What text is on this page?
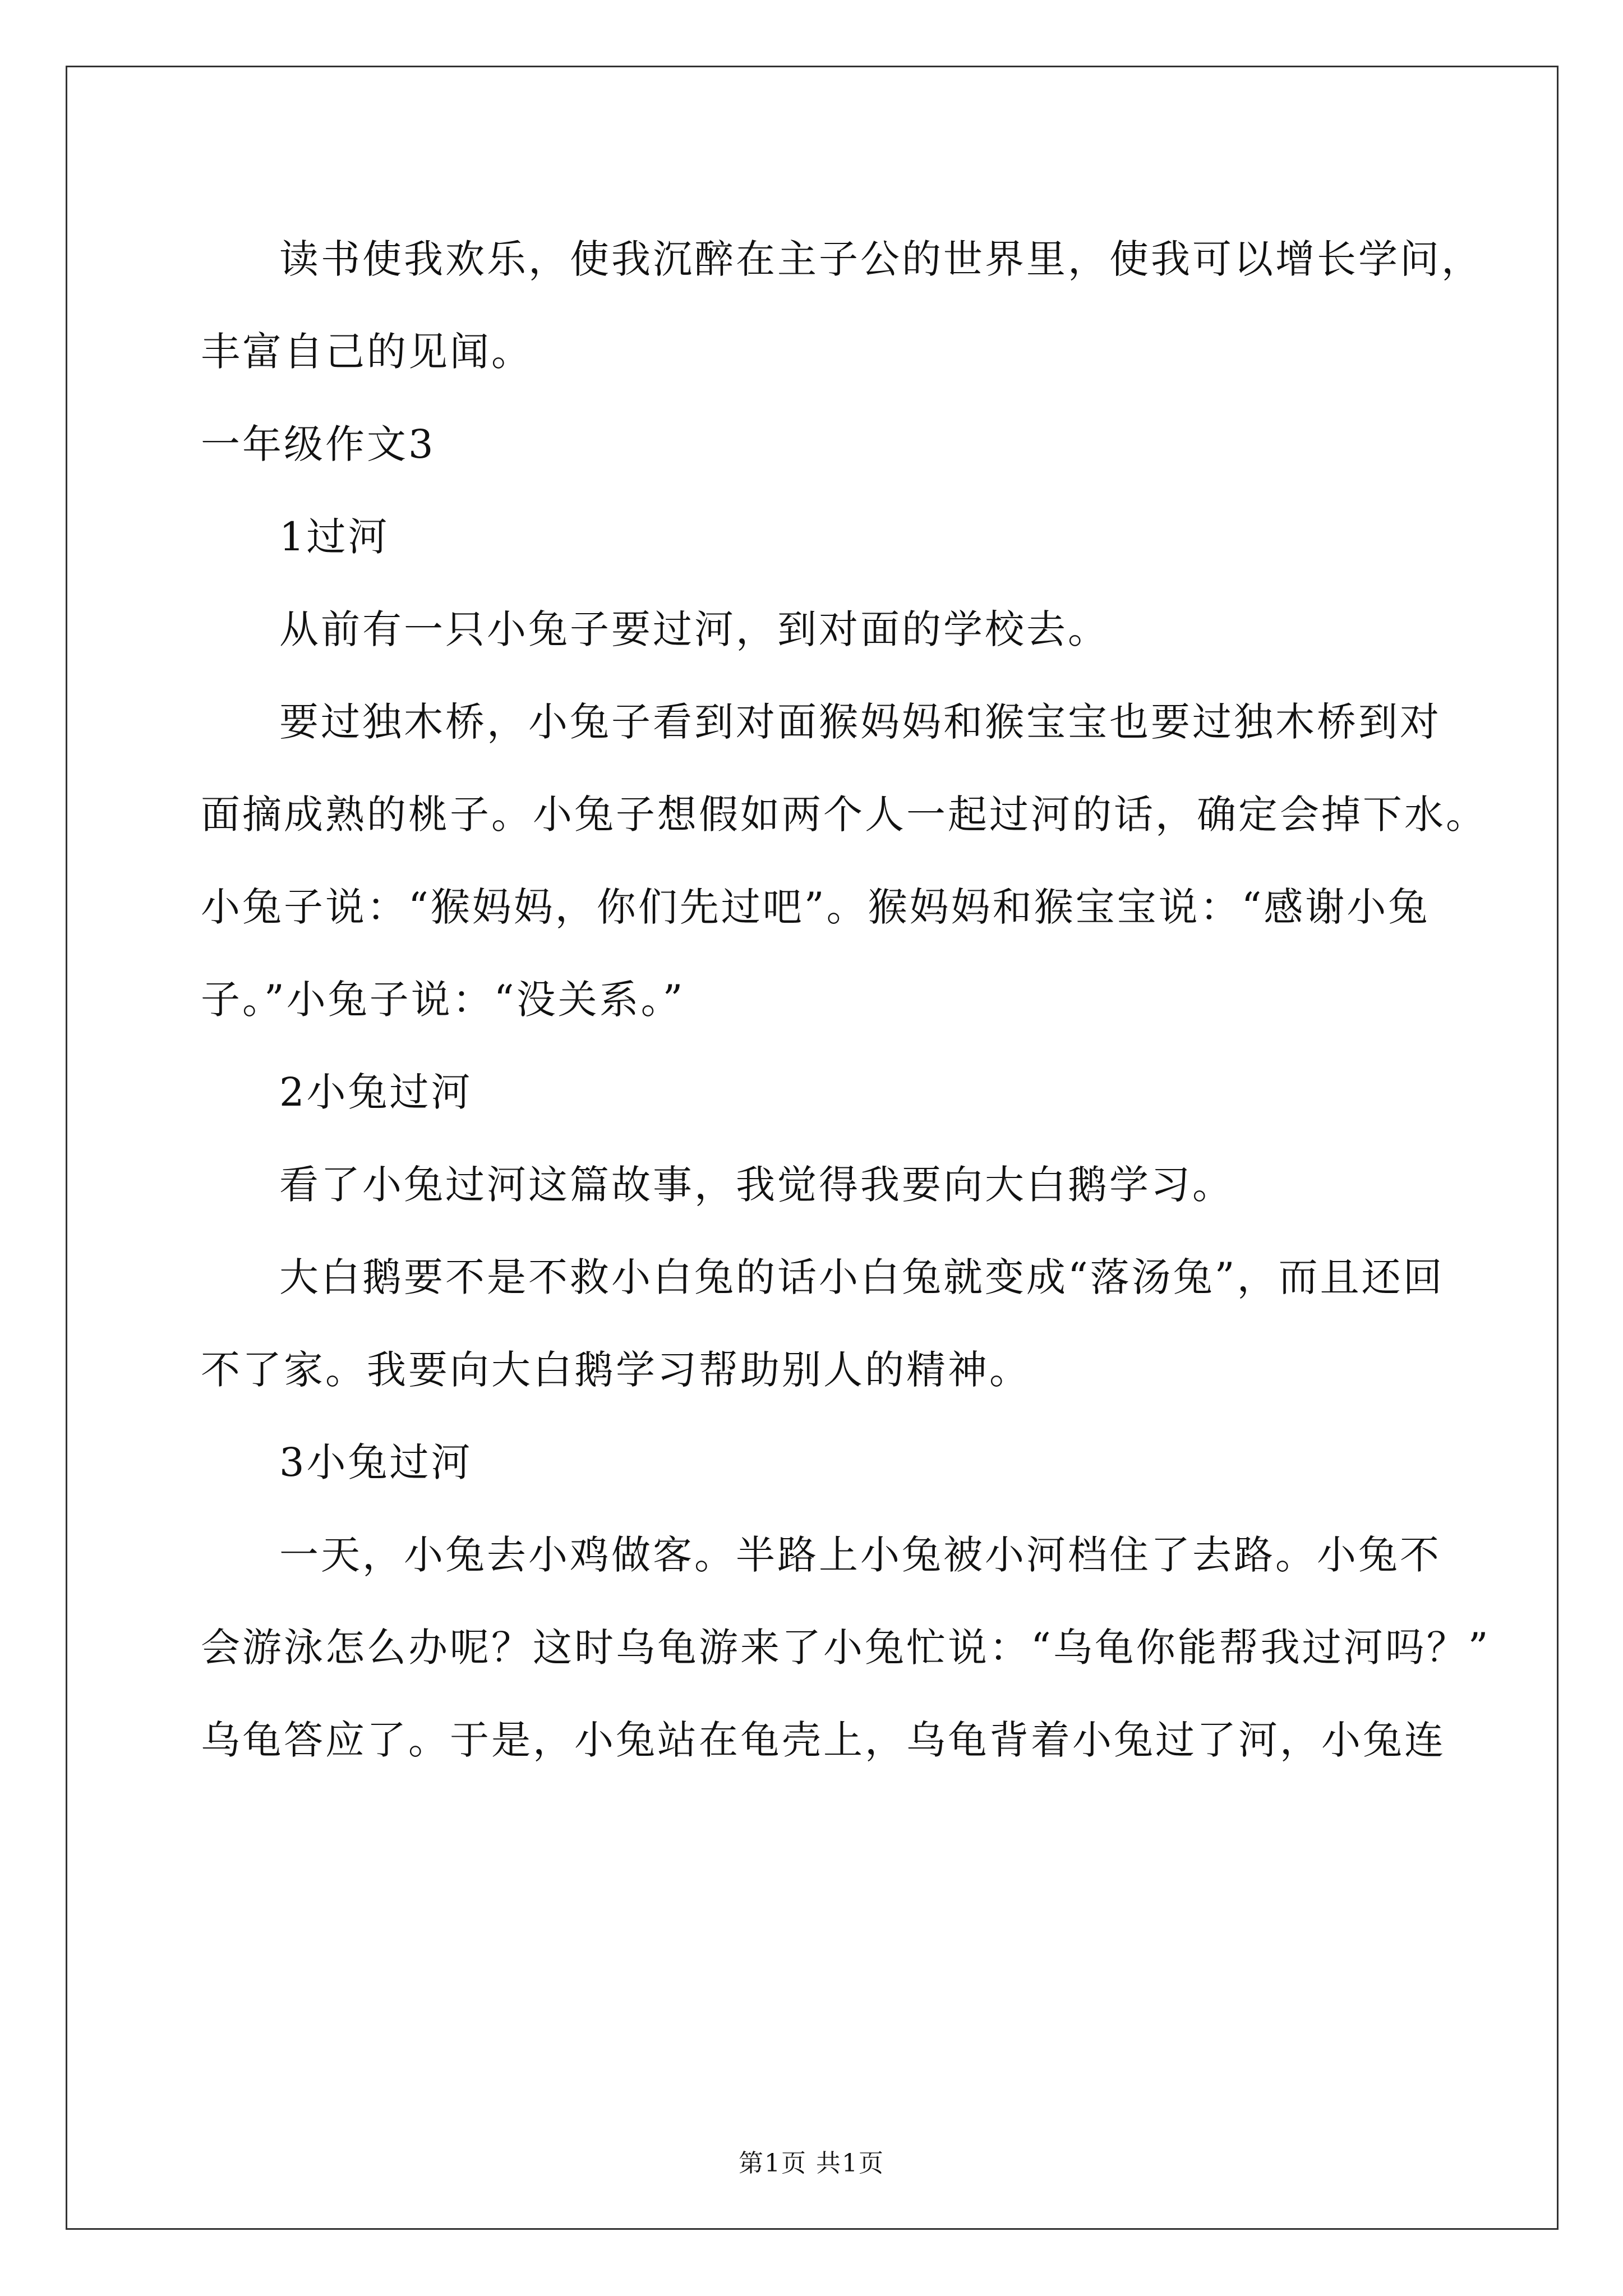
读书使我欢乐，使我沉醉在主子公的世界里，使我可以增长学问，
丰富自己的见闻。

一年级作文3

1过河

从前有一只小兔子要过河，到对面的学校去。

要过独木桥，小兔子看到对面猴妈妈和猴宝宝也要过独木桥到对
面摘成熟的桃子。小兔子想假如两个人一起过河的话，确定会掉下水。
小兔子说：“猴妈妈，你们先过吧”。猴妈妈和猴宝宝说：“感谢小兔
子。”小兔子说：“没关系。”

2小兔过河

看了小兔过河这篇故事，我觉得我要向大白鹅学习。

大白鹅要不是不救小白兔的话小白兔就变成“落汤兔”，而且还回
不了家。我要向大白鹅学习帮助别人的精神。

3小兔过河

一天，小兔去小鸡做客。半路上小兔被小河档住了去路。小兔不
会游泳怎么办呢？这时乌龟游来了小兔忙说：“乌龟你能帮我过河吗？”
乌龟答应了。于是，小兔站在龟壳上，乌龟背着小兔过了河，小兔连

第1页 共1页
